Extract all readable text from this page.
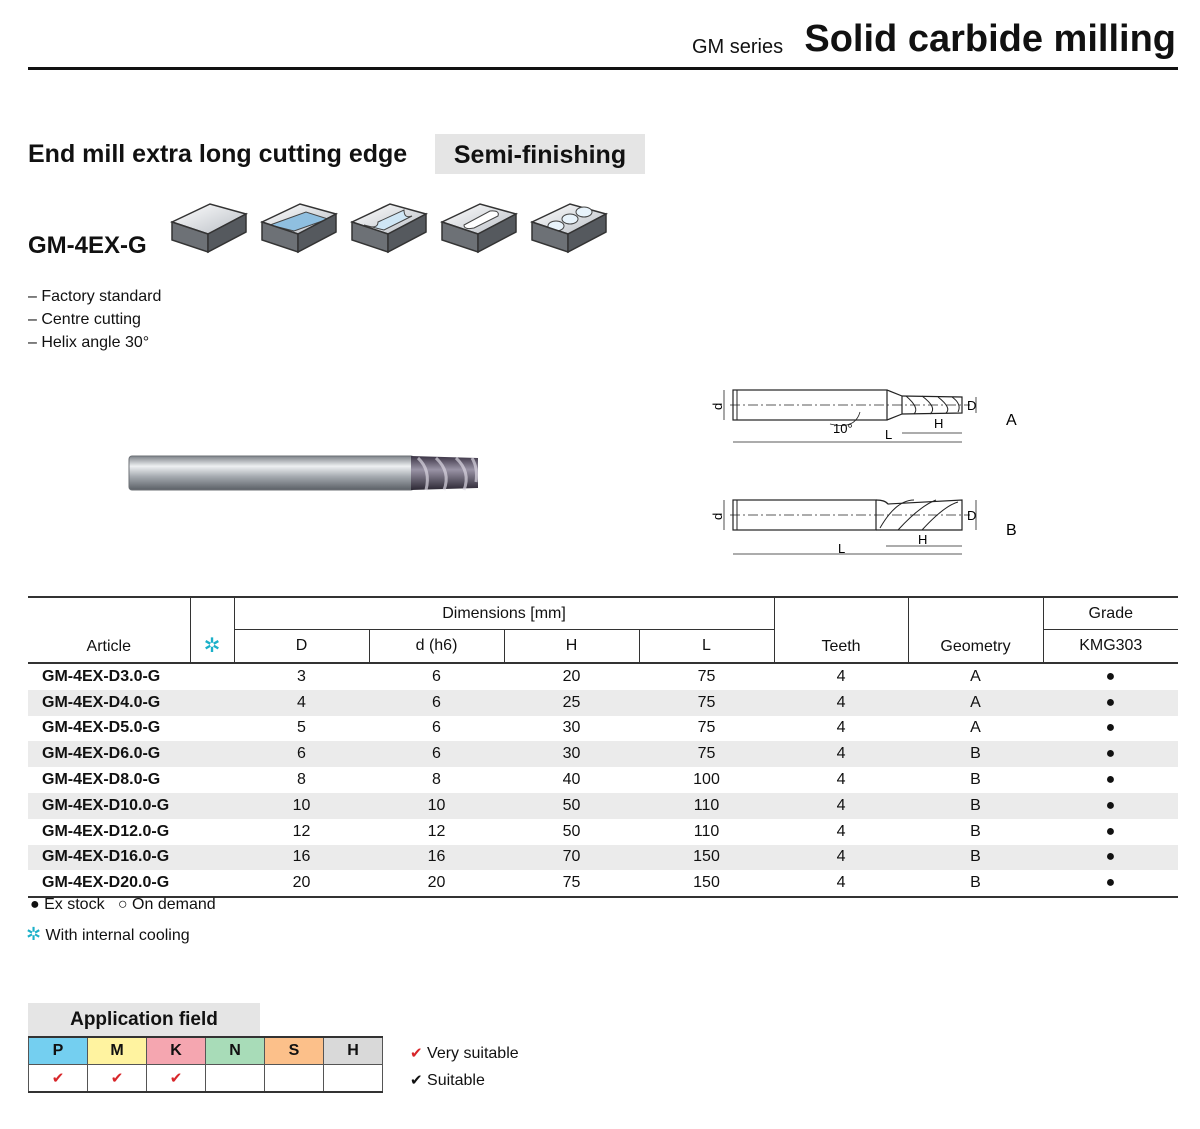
GM series Solid carbide milling
End mill extra long cutting edge	Semi-finishing
GM-4EX-G
– Factory standard
– Centre cutting
– Helix angle 30°
d	D
10° L
H	A
d	D
L
H
B
Article	✲	Dimensions [mm]				Teeth	Geometry	Grade
		D	d (h6)	H	L			KMG303
GM-4EX-D3.0-G		3	6	20	75	4	A	●
GM-4EX-D4.0-G		4	6	25	75	4	A	●
GM-4EX-D5.0-G		5	6	30	75	4	A	●
GM-4EX-D6.0-G		6	6	30	75	4	B	●
GM-4EX-D8.0-G		8	8	40	100	4	B	●
GM-4EX-D10.0-G		10	10	50	110	4	B	●
GM-4EX-D12.0-G		12	12	50	110	4	B	●
GM-4EX-D16.0-G		16	16	70	150	4	B	●
GM-4EX-D20.0-G		20	20	75	150	4	B	●
● Ex stock ○ On demand
✲ With internal cooling
Application field
P	M	K	N	S	H
✔	✔	✔			
✔ Very suitable
✔ Suitable
